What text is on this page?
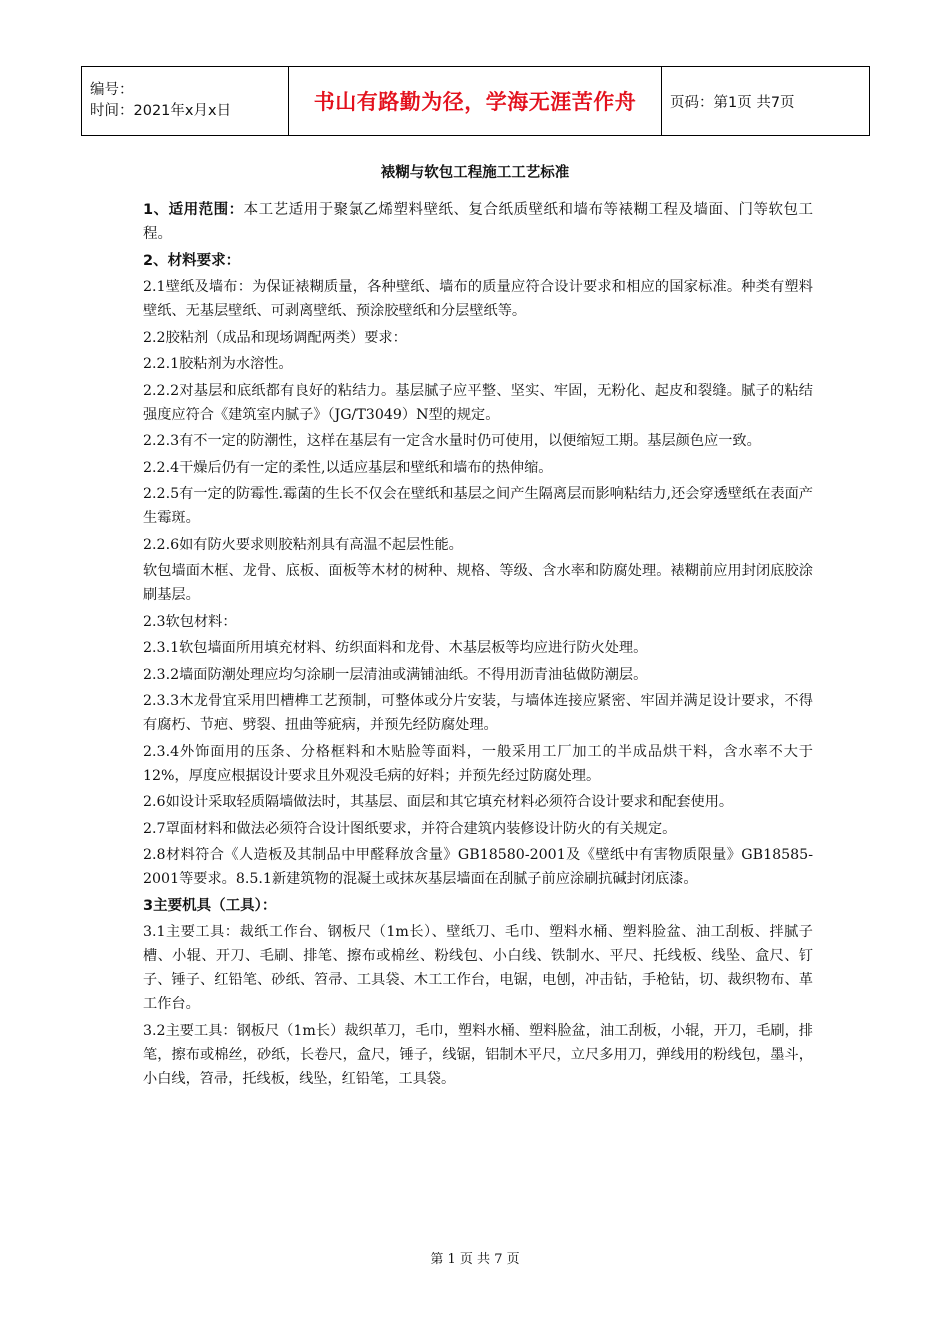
编号：
时间：2021年x月x日	书山有路勤为径，学海无涯苦作舟	页码：第1页 共7页
裱糊与软包工程施工工艺标准

1、适用范围：本工艺适用于聚氯乙烯塑料壁纸、复合纸质壁纸和墙布等裱糊工程及墙面、门等软包工程。

2、材料要求：

2.1壁纸及墙布：为保证裱糊质量，各种壁纸、墙布的质量应符合设计要求和相应的国家标准。种类有塑料壁纸、无基层壁纸、可剥离壁纸、预涂胶壁纸和分层壁纸等。

2.2胶粘剂（成品和现场调配两类）要求：

2.2.1胶粘剂为水溶性。

2.2.2对基层和底纸都有良好的粘结力。基层腻子应平整、坚实、牢固，无粉化、起皮和裂缝。腻子的粘结强度应符合《建筑室内腻子》（JG/T3049）N型的规定。

2.2.3有不一定的防潮性，这样在基层有一定含水量时仍可使用，以便缩短工期。基层颜色应一致。

2.2.4干燥后仍有一定的柔性,以适应基层和壁纸和墙布的热伸缩。

2.2.5有一定的防霉性.霉菌的生长不仅会在壁纸和基层之间产生隔离层而影响粘结力,还会穿透壁纸在表面产生霉斑。

2.2.6如有防火要求则胶粘剂具有高温不起层性能。

软包墙面木框、龙骨、底板、面板等木材的树种、规格、等级、含水率和防腐处理。裱糊前应用封闭底胶涂刷基层。

2.3软包材料：

2.3.1软包墙面所用填充材料、纺织面料和龙骨、木基层板等均应进行防火处理。

2.3.2墙面防潮处理应均匀涂刷一层清油或满铺油纸。不得用沥青油毡做防潮层。

2.3.3木龙骨宜采用凹槽榫工艺预制，可整体或分片安装，与墙体连接应紧密、牢固并满足设计要求，不得有腐朽、节疤、劈裂、扭曲等疵病，并预先经防腐处理。

2.3.4外饰面用的压条、分格框料和木贴脸等面料，一般采用工厂加工的半成品烘干料，含水率不大于12%，厚度应根据设计要求且外观没毛病的好料；并预先经过防腐处理。

2.6如设计采取轻质隔墙做法时，其基层、面层和其它填充材料必须符合设计要求和配套使用。

2.7罩面材料和做法必须符合设计图纸要求，并符合建筑内装修设计防火的有关规定。

2.8材料符合《人造板及其制品中甲醛释放含量》GB18580-2001及《壁纸中有害物质限量》GB18585-2001等要求。8.5.1新建筑物的混凝土或抹灰基层墙面在刮腻子前应涂刷抗碱封闭底漆。

3主要机具（工具）：

3.1主要工具：裁纸工作台、钢板尺（1m长）、壁纸刀、毛巾、塑料水桶、塑料脸盆、油工刮板、拌腻子槽、小辊、开刀、毛刷、排笔、擦布或棉丝、粉线包、小白线、铁制水、平尺、托线板、线坠、盒尺、钉子、锤子、红铅笔、砂纸、笤帚、工具袋、木工工作台，电锯，电刨，冲击钻，手枪钻，切、裁织物布、革工作台。

3.2主要工具：钢板尺（1m长）裁织革刀，毛巾，塑料水桶、塑料脸盆，油工刮板，小辊，开刀，毛刷，排笔，擦布或棉丝，砂纸，长卷尺，盒尺，锤子，线锯，铝制木平尺，立尺多用刀，弹线用的粉线包，墨斗，小白线，笤帚，托线板，线坠，红铅笔，工具袋。

第 1 页 共 7 页
